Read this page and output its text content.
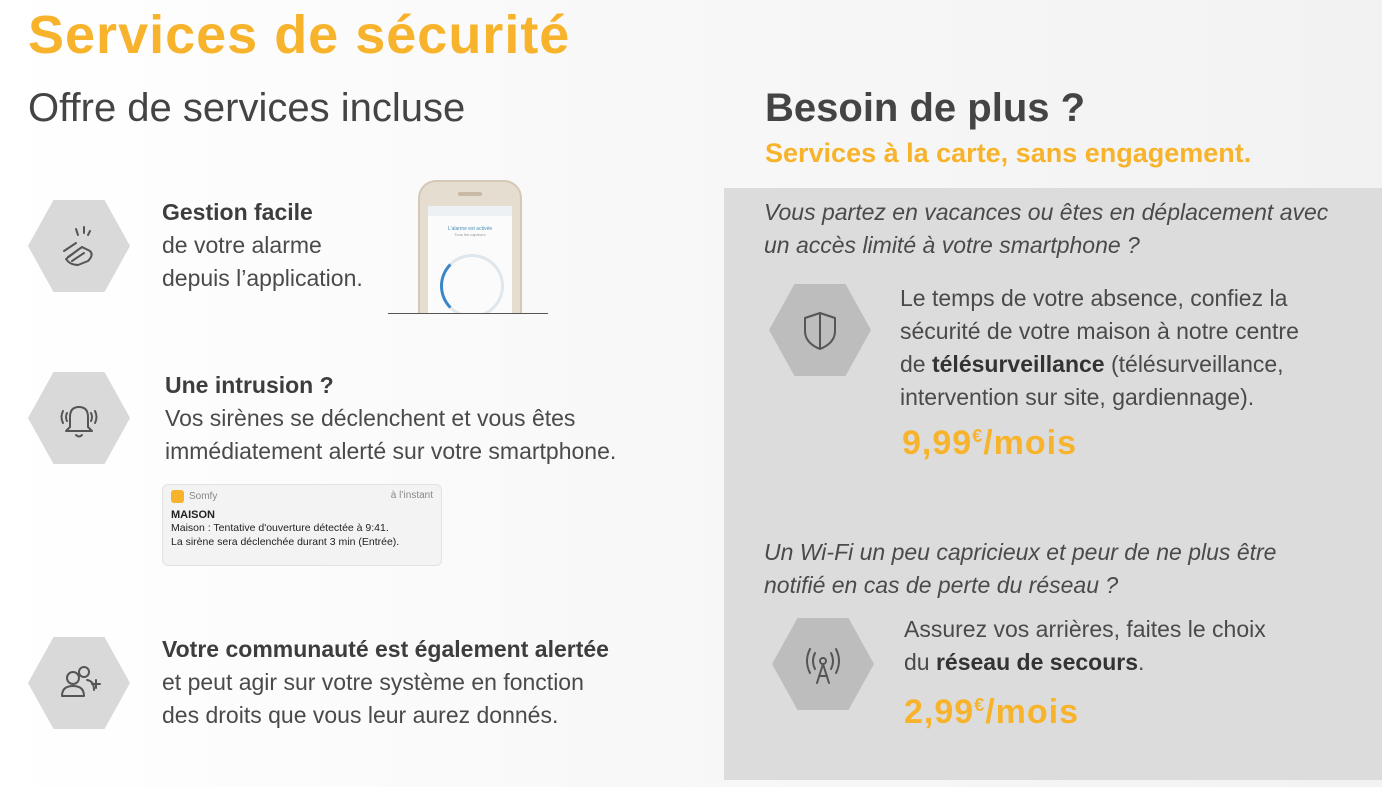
Services de sécurité
Offre de services incluse
Gestion facile
de votre alarme
depuis l’application.
L'alarme est activée
Tous les capteurs
Une intrusion ?
Vos sirènes se déclenchent et vous êtes
immédiatement alerté sur votre smartphone.
Somfy	à l’instant
MAISON
Maison : Tentative d'ouverture détectée à 9:41.
La sirène sera déclenchée durant 3 min (Entrée).
Votre communauté est également alertée
et peut agir sur votre système en fonction
des droits que vous leur aurez donnés.
Besoin de plus ?
Services à la carte, sans engagement.
Vous partez en vacances ou êtes en déplacement avec
un accès limité à votre smartphone ?
Le temps de votre absence, confiez la
sécurité de votre maison à notre centre
de télésurveillance (télésurveillance,
intervention sur site, gardiennage).
9,99€/mois
Un Wi-Fi un peu capricieux et peur de ne plus être
notifié en cas de perte du réseau ?
Assurez vos arrières, faites le choix
du réseau de secours.
2,99€/mois
